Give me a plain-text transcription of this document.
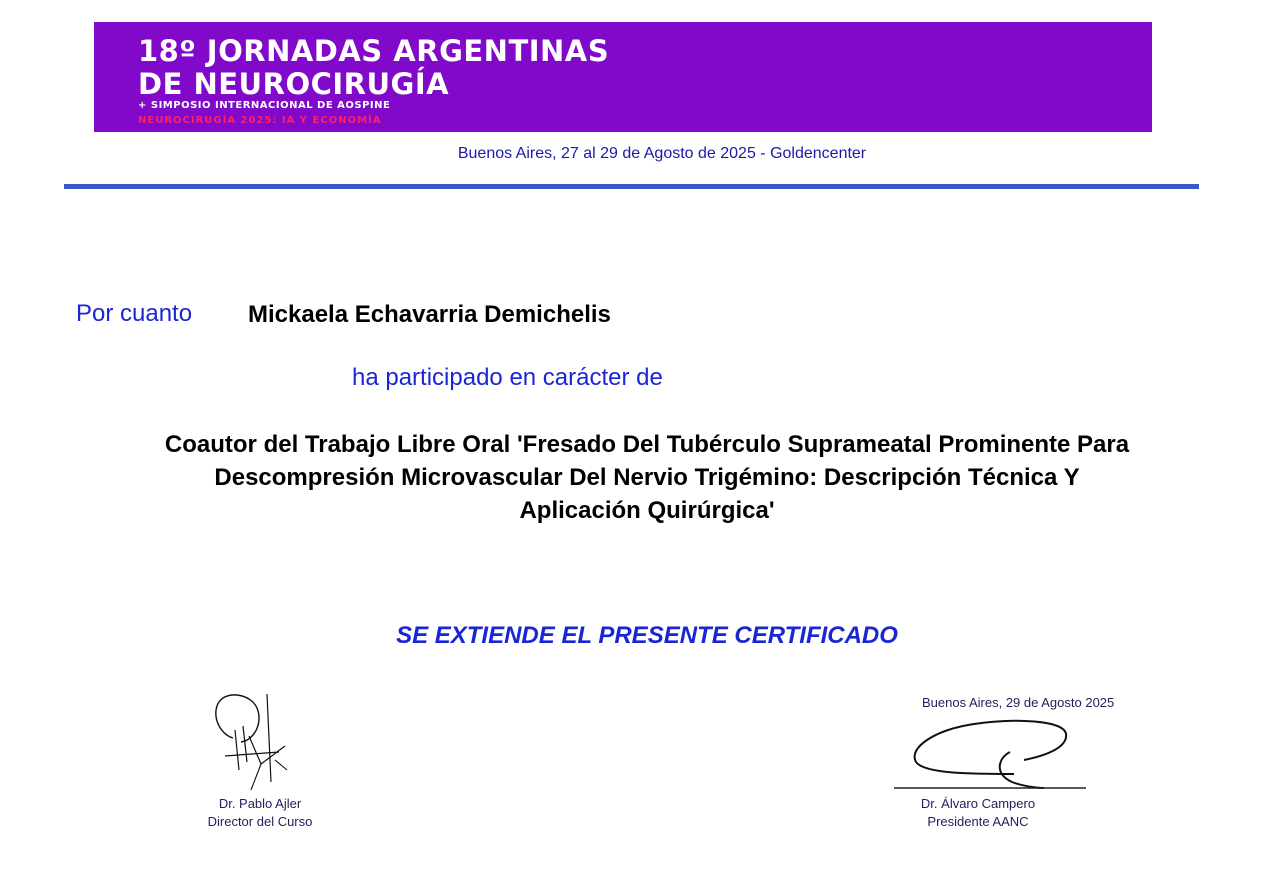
18º JORNADAS ARGENTINAS
DE NEUROCIRUGÍA
+ SIMPOSIO INTERNACIONAL DE AOSPINE
NEUROCIRUGÍA 2025: IA Y ECONOMÍA
Buenos Aires, 27 al 29 de Agosto de 2025 - Goldencenter
Por cuanto Mickaela Echavarria Demichelis
ha participado en carácter de
Coautor del Trabajo Libre Oral 'Fresado Del Tubérculo Suprameatal Prominente Para
Descompresión Microvascular Del Nervio Trigémino: Descripción Técnica Y
Aplicación Quirúrgica'
SE EXTIENDE EL PRESENTE CERTIFICADO
Buenos Aires, 29 de Agosto 2025
Dr. Pablo Ajler
Director del Curso
Dr. Álvaro Campero
Presidente AANC
